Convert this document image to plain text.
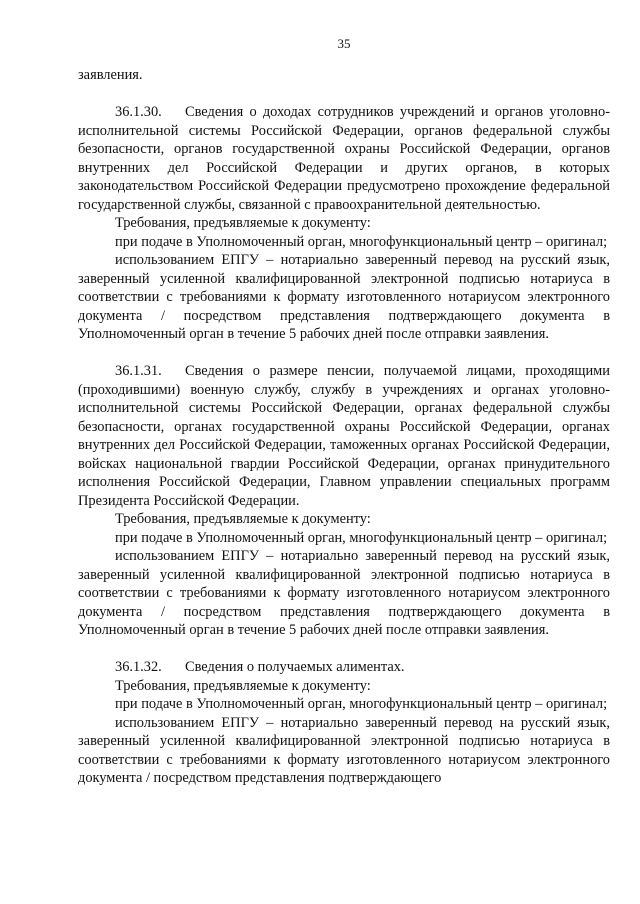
35

заявления.

36.1.30. Сведения о доходах сотрудников учреждений и органов уголовно-исполнительной системы Российской Федерации, органов федеральной службы безопасности, органов государственной охраны Российской Федерации, органов внутренних дел Российской Федерации и других органов, в которых законодательством Российской Федерации предусмотрено прохождение федеральной государственной службы, связанной с правоохранительной деятельностью.

Требования, предъявляемые к документу:

при подаче в Уполномоченный орган, многофункциональный центр – оригинал;

использованием ЕПГУ – нотариально заверенный перевод на русский язык, заверенный усиленной квалифицированной электронной подписью нотариуса в соответствии с требованиями к формату изготовленного нотариусом электронного документа / посредством представления подтверждающего документа в Уполномоченный орган в течение 5 рабочих дней после отправки заявления.

36.1.31. Сведения о размере пенсии, получаемой лицами, проходящими (проходившими) военную службу, службу в учреждениях и органах уголовно-исполнительной системы Российской Федерации, органах федеральной службы безопасности, органах государственной охраны Российской Федерации, органах внутренних дел Российской Федерации, таможенных органах Российской Федерации, войсках национальной гвардии Российской Федерации, органах принудительного исполнения Российской Федерации, Главном управлении специальных программ Президента Российской Федерации.

Требования, предъявляемые к документу:

при подаче в Уполномоченный орган, многофункциональный центр – оригинал;

использованием ЕПГУ – нотариально заверенный перевод на русский язык, заверенный усиленной квалифицированной электронной подписью нотариуса в соответствии с требованиями к формату изготовленного нотариусом электронного документа / посредством представления подтверждающего документа в Уполномоченный орган в течение 5 рабочих дней после отправки заявления.

36.1.32. Сведения о получаемых алиментах.

Требования, предъявляемые к документу:

при подаче в Уполномоченный орган, многофункциональный центр – оригинал;

использованием ЕПГУ – нотариально заверенный перевод на русский язык, заверенный усиленной квалифицированной электронной подписью нотариуса в соответствии с требованиями к формату изготовленного нотариусом электронного документа / посредством представления подтверждающего
